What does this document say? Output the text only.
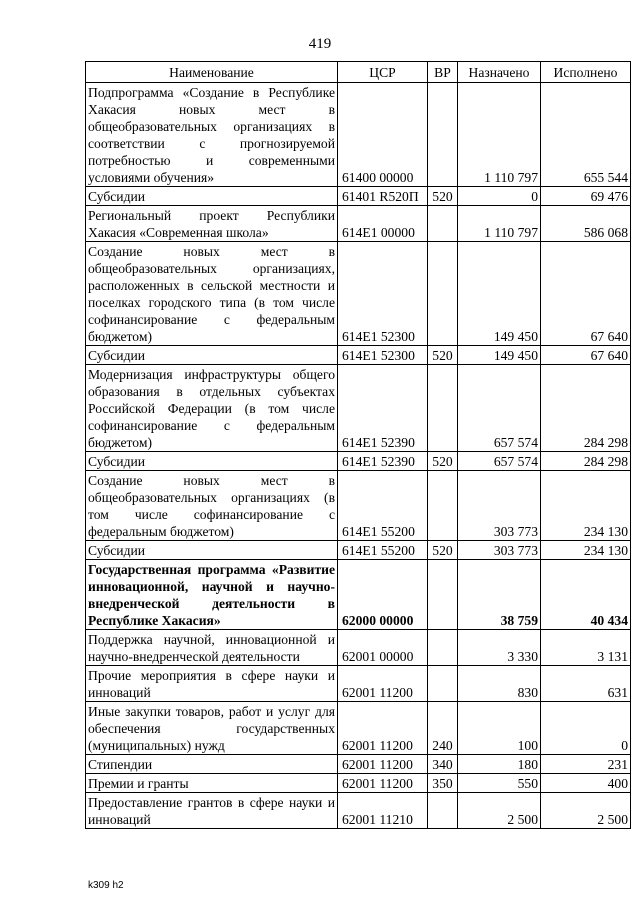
419
Наименование	ЦСР	ВР	Назначено	Исполнено
Подпрограмма «Создание в Республике Хакасия новых мест в общеобразовательных организациях в соответствии с прогнозируемой потребностью и современными условиями обучения»	61400 00000		1 110 797	655 544
Субсидии	61401 R520П	520	0	69 476
Региональный проект Республики Хакасия «Современная школа»	614E1 00000		1 110 797	586 068
Создание новых мест в общеобразовательных организациях, расположенных в сельской местности и поселках городского типа (в том числе софинансирование с федеральным бюджетом)	614E1 52300		149 450	67 640
Субсидии	614E1 52300	520	149 450	67 640
Модернизация инфраструктуры общего образования в отдельных субъектах Российской Федерации (в том числе софинансирование с федеральным бюджетом)	614E1 52390		657 574	284 298
Субсидии	614E1 52390	520	657 574	284 298
Создание новых мест в общеобразовательных организациях (в том числе софинансирование с федеральным бюджетом)	614E1 55200		303 773	234 130
Субсидии	614E1 55200	520	303 773	234 130
Государственная программа «Развитие инновационной, научной и научно-внедренческой деятельности в Республике Хакасия»	62000 00000		38 759	40 434
Поддержка научной, инновационной и научно-внедренческой деятельности	62001 00000		3 330	3 131
Прочие мероприятия в сфере науки и инноваций	62001 11200		830	631
Иные закупки товаров, работ и услуг для обеспечения государственных (муниципальных) нужд	62001 11200	240	100	0
Стипендии	62001 11200	340	180	231
Премии и гранты	62001 11200	350	550	400
Предоставление грантов в сфере науки и инноваций	62001 11210		2 500	2 500
k309 h2
